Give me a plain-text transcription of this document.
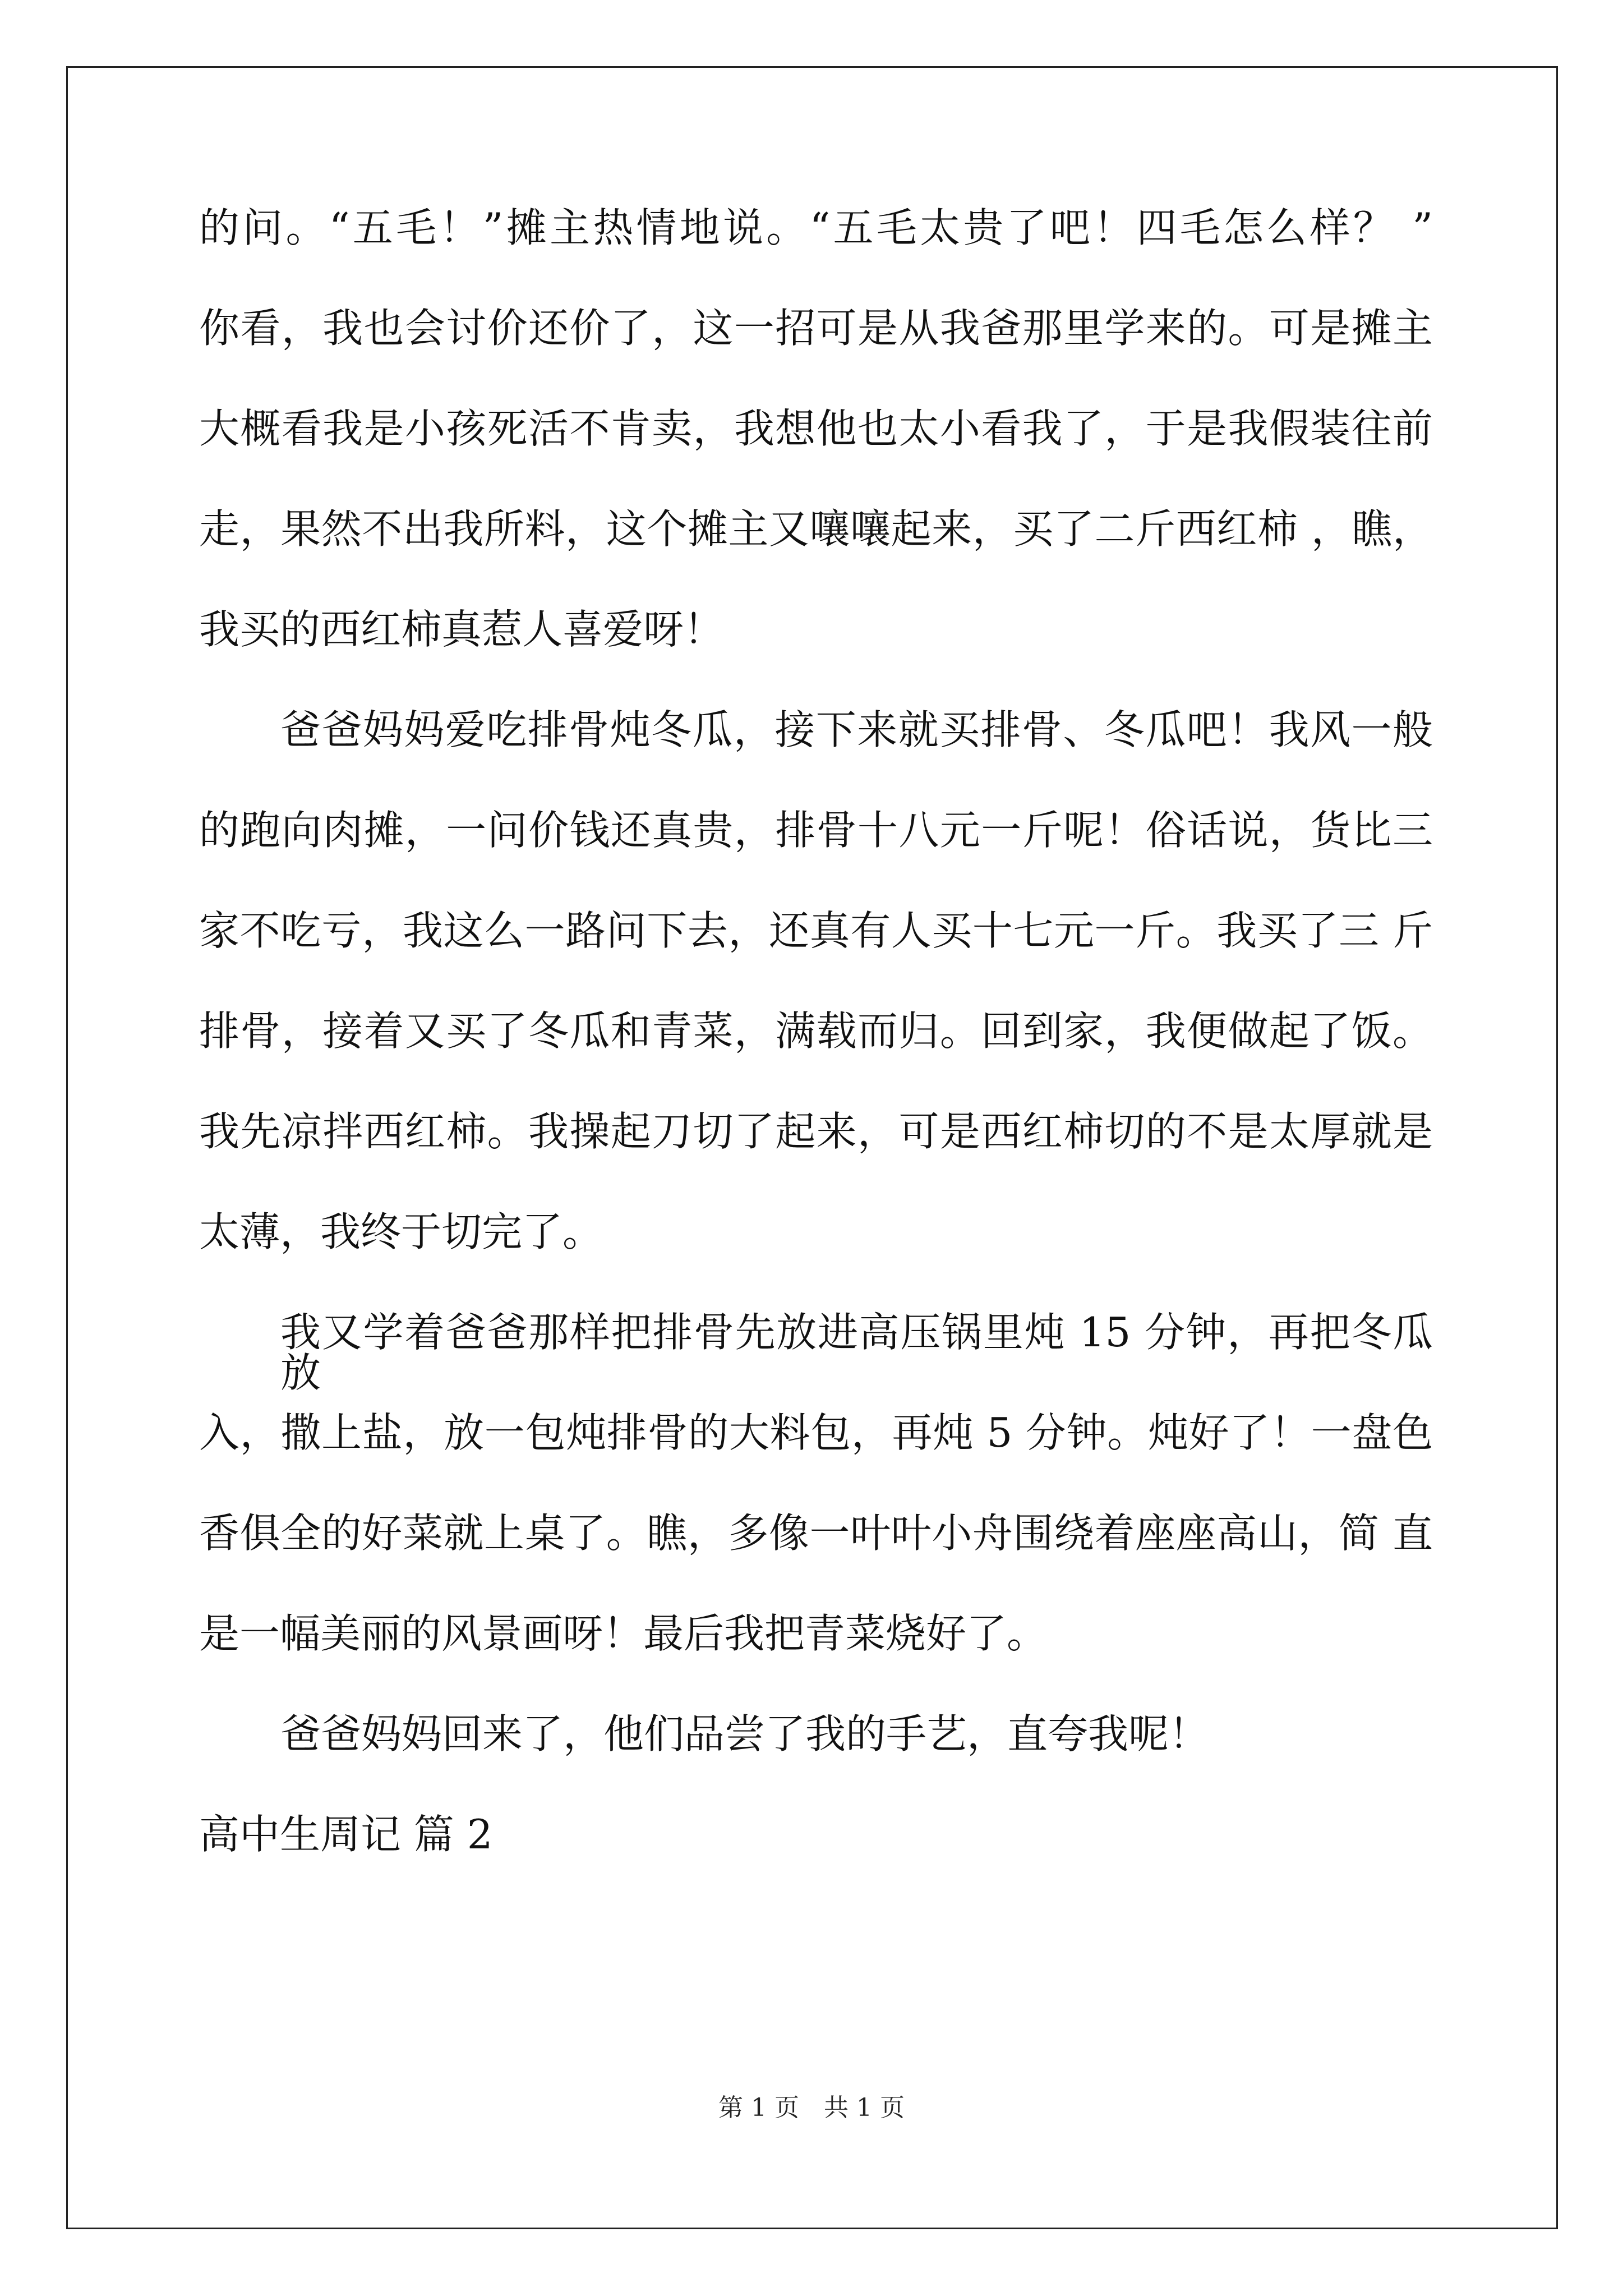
的问。“五毛！”摊主热情地说。“五毛太贵了吧！四毛怎么样？ ”

你看，我也会讨价还价了，这一招可是从我爸那里学来的。可是摊主

大概看我是小孩死活不肯卖，我想他也太小看我了，于是我假装往前

走，果然不出我所料，这个摊主又嚷嚷起来，买了二斤西红柿 ，瞧，

我买的西红柿真惹人喜爱呀！

爸爸妈妈爱吃排骨炖冬瓜，接下来就买排骨、冬瓜吧！我风一般

的跑向肉摊，一问价钱还真贵，排骨十八元一斤呢！俗话说，货比三

家不吃亏，我这么一路问下去，还真有人买十七元一斤。我买了三 斤

排骨，接着又买了冬瓜和青菜，满载而归。回到家，我便做起了饭。

我先凉拌西红柿。我操起刀切了起来，可是西红柿切的不是太厚就是

太薄，我终于切完了。

我又学着爸爸那样把排骨先放进高压锅里炖 15 分钟，再把冬瓜放

入，撒上盐，放一包炖排骨的大料包，再炖 5 分钟。炖好了！一盘色

香俱全的好菜就上桌了。瞧，多像一叶叶小舟围绕着座座高山，简 直

是一幅美丽的风景画呀！最后我把青菜烧好了。

爸爸妈妈回来了，他们品尝了我的手艺，直夸我呢！

高中生周记 篇 2

第 1 页　共 1 页
